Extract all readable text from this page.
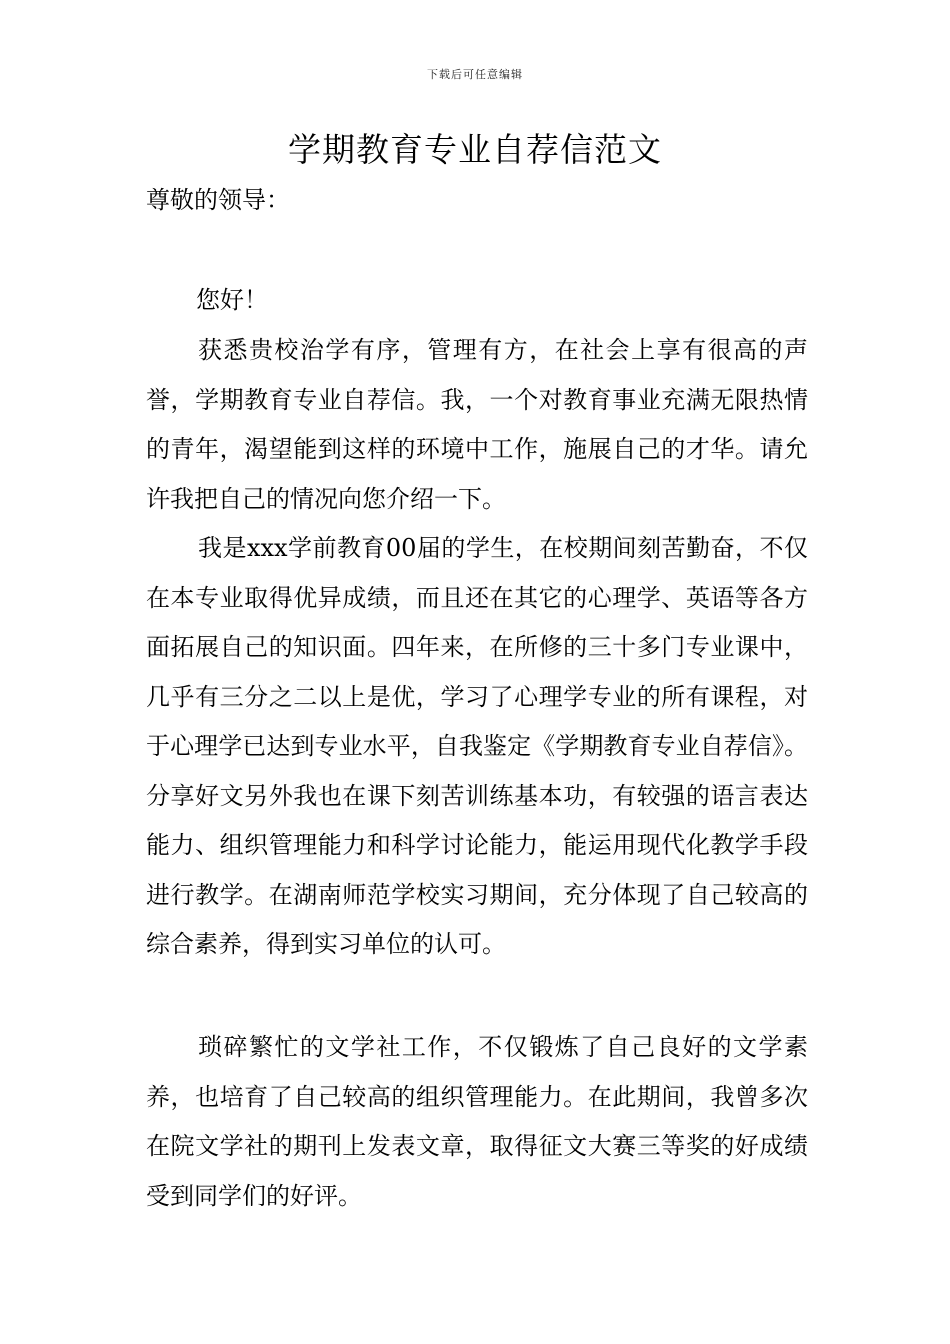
下载后可任意编辑
学期教育专业自荐信范文

尊敬的领导：

您好！

获悉贵校治学有序，管理有方，在社会上享有很高的声誉，学期教育专业自荐信。我，一个对教育事业充满无限热情的青年，渴望能到这样的环境中工作，施展自己的才华。请允许我把自己的情况向您介绍一下。

我是xxx学前教育00届的学生，在校期间刻苦勤奋，不仅在本专业取得优异成绩，而且还在其它的心理学、英语等各方面拓展自己的知识面。四年来，在所修的三十多门专业课中，几乎有三分之二以上是优，学习了心理学专业的所有课程，对于心理学已达到专业水平，自我鉴定《学期教育专业自荐信》。 分享好文另外我也在课下刻苦训练基本功，有较强的语言表达能力、组织管理能力和科学讨论能力，能运用现代化教学手段进行教学。在湖南师范学校实习期间，充分体现了自己较高的综合素养，得到实习单位的认可。

琐碎繁忙的文学社工作，不仅锻炼了自己良好的文学素养，也培育了自己较高的组织管理能力。在此期间，我曾多次在院文学社的期刊上发表文章，取得征文大赛三等奖的好成绩受到同学们的好评。
